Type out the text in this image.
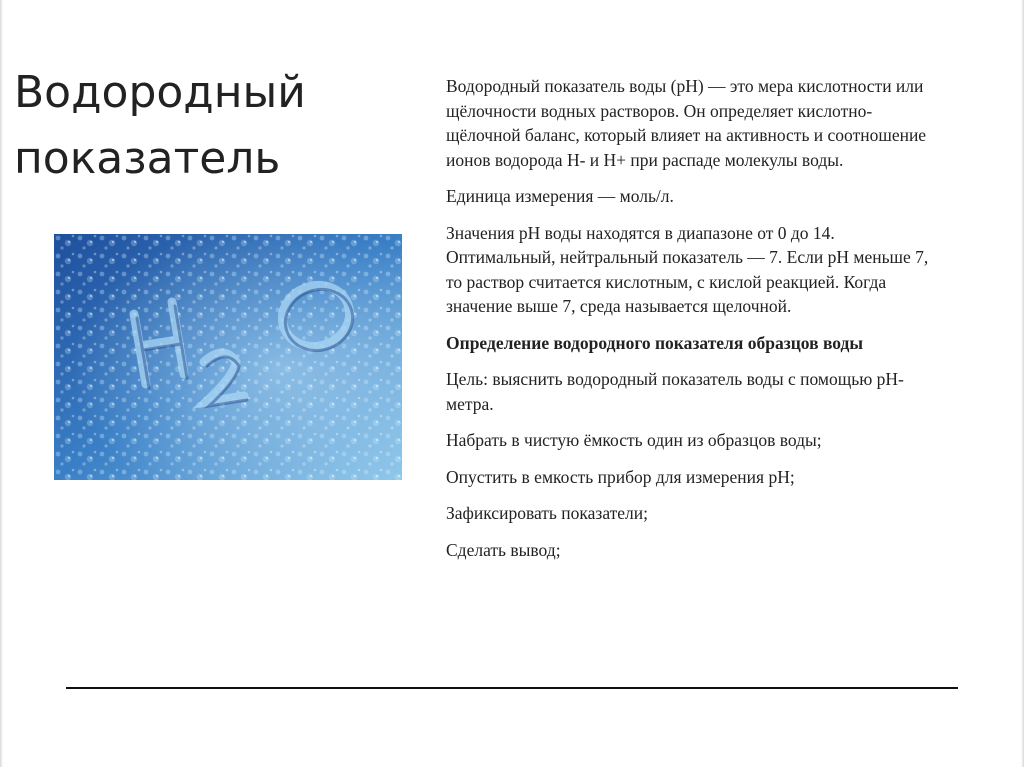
Водородный
показатель

Водородный показатель воды (рН) — это мера кислотности или щёлочности водных растворов. Он определяет кислотно-щёлочной баланс, который влияет на активность и соотношение ионов водорода Н- и Н+ при распаде молекулы воды.

Единица измерения — моль/л.

Значения рН воды находятся в диапазоне от 0 до 14. Оптимальный, нейтральный показатель — 7. Если рН меньше 7, то раствор считается кислотным, с кислой реакцией. Когда значение выше 7, среда называется щелочной.

Определение водородного показателя образцов воды

Цель: выяснить водородный показатель воды с помощью рН-метра.

Набрать в чистую ёмкость один из образцов воды;

Опустить в емкость прибор для измерения рН;

Зафиксировать показатели;

Сделать вывод;
